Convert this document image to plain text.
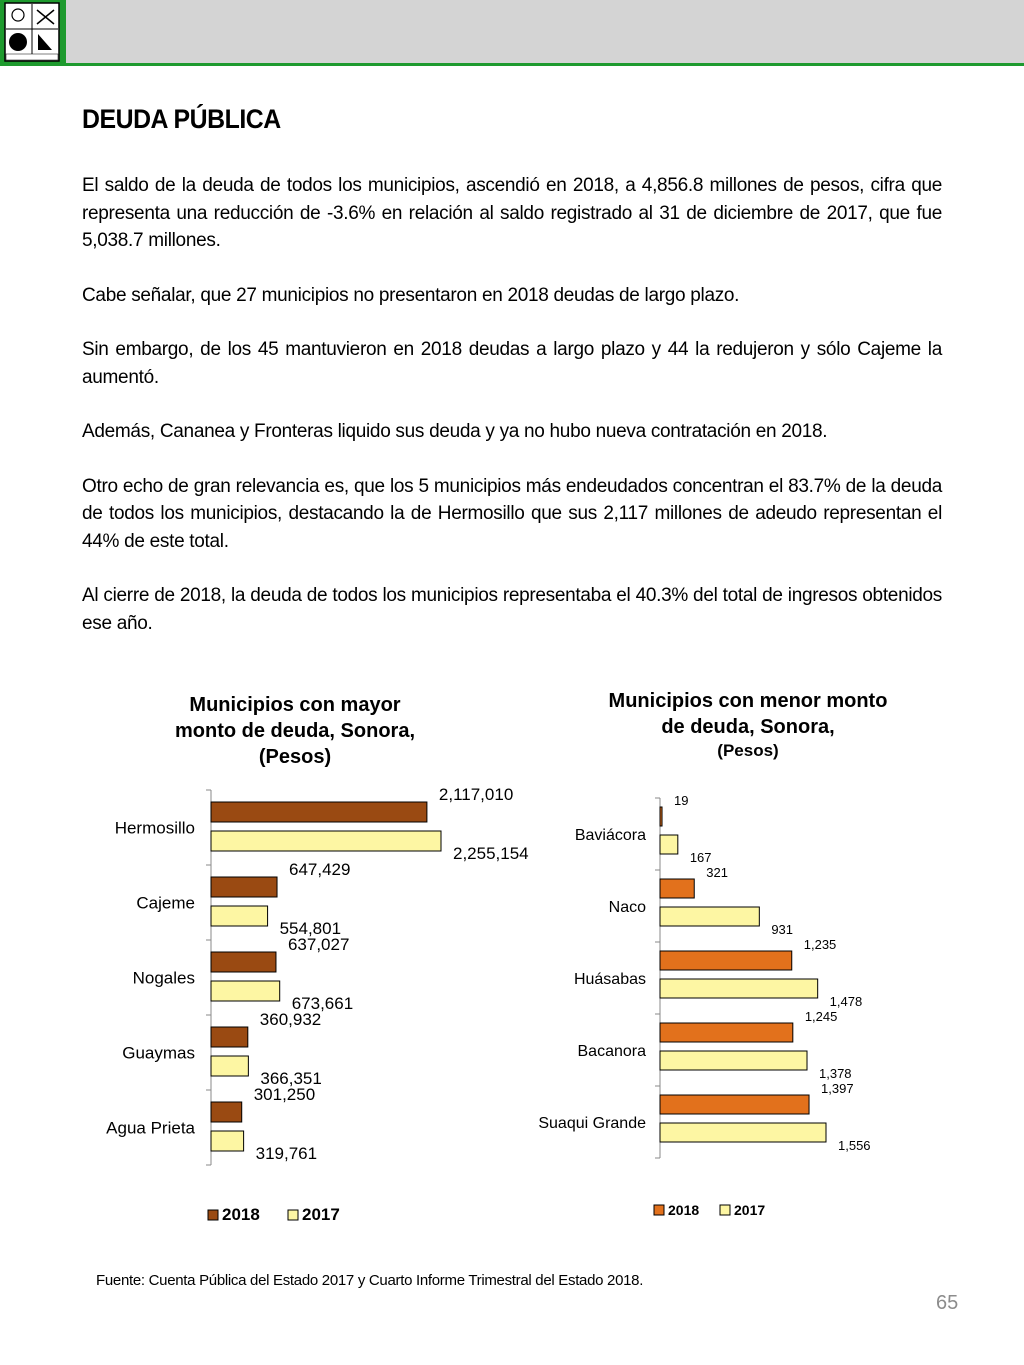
DEUDA PÚBLICA

El saldo de la deuda de todos los municipios, ascendió en 2018, a 4,856.8 millones de pesos, cifra que representa una reducción de -3.6% en relación al saldo registrado al 31 de diciembre de 2017, que fue 5,038.7 millones.

Cabe señalar, que 27 municipios no presentaron en 2018 deudas de largo plazo.

Sin embargo, de los 45 mantuvieron en 2018 deudas a largo plazo y 44 la redujeron y sólo Cajeme la aumentó.

Además, Cananea y Fronteras liquido sus deuda y ya no hubo nueva contratación en 2018.

Otro echo de gran relevancia es, que los 5 municipios más endeudados concentran el 83.7% de la deuda de todos los municipios, destacando la de Hermosillo que sus 2,117 millones de adeudo representan el 44% de este total.

Al cierre de 2018, la deuda de todos los municipios representaba el 40.3% del total de ingresos obtenidos ese año.

Municipios con mayor
monto de deuda, Sonora,
(Pesos)
Hermosillo
2,117,010
2,255,154
Cajeme
647,429
554,801
Nogales
637,027
673,661
Guaymas
360,932
366,351
Agua Prieta
301,250
319,761
2018 2017
Municipios con menor monto
de deuda, Sonora,
(Pesos)
Baviácora
19
167
Naco
321
931
Huásabas
1,235
1,478
Bacanora
1,245
1,378
Suaqui Grande
1,397
1,556
2018 2017
Fuente: Cuenta Pública del Estado 2017 y Cuarto Informe Trimestral del Estado 2018.
65
